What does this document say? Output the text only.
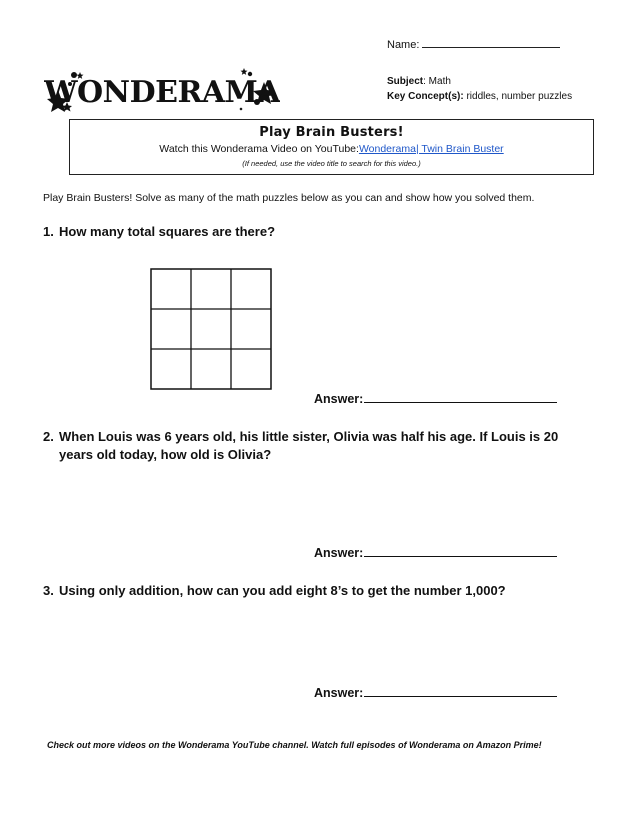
Name:
Subject: Math
Key Concept(s): riddles, number puzzles
WONDERAMA
Play Brain Busters!
Watch this Wonderama Video on YouTube:Wonderama| Twin Brain Buster
(If needed, use the video title to search for this video.)
Play Brain Busters! Solve as many of the math puzzles below as you can and show how you solved them.
1. How many total squares are there?
Answer:
2. When Louis was 6 years old, his little sister, Olivia was half his age. If Louis is 20
years old today, how old is Olivia?
Answer:
3. Using only addition, how can you add eight 8’s to get the number 1,000?
Answer:
Check out more videos on the Wonderama YouTube channel. Watch full episodes of Wonderama on Amazon Prime!
